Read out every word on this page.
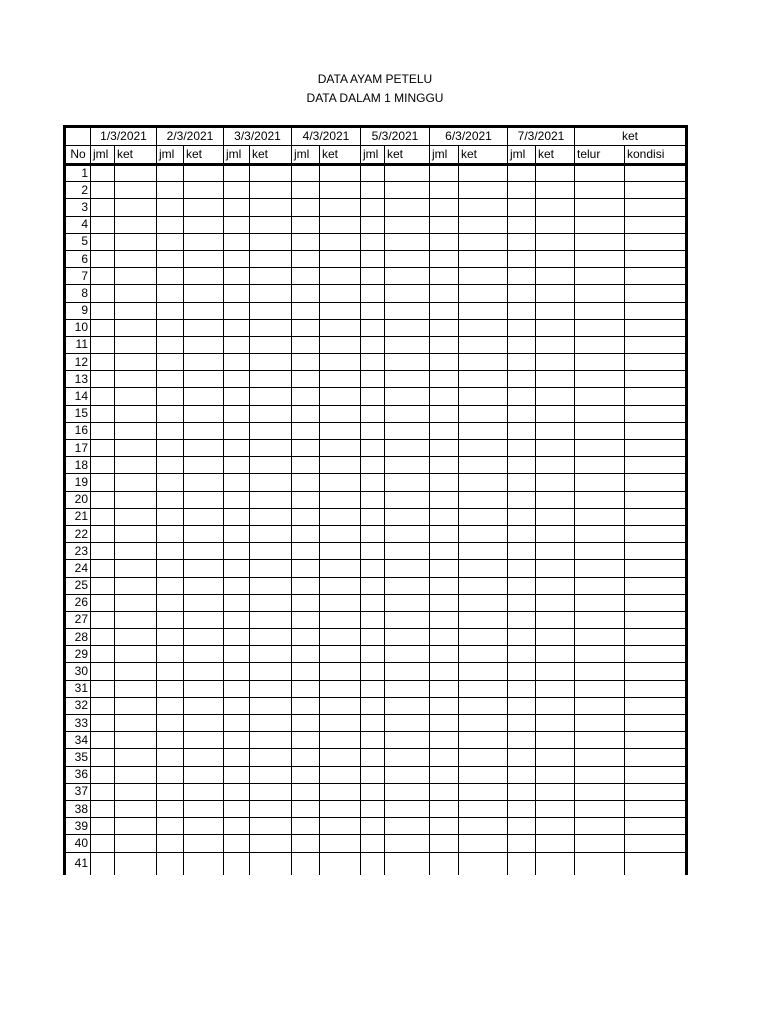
DATA AYAM PETELU
DATA DALAM 1 MINGGU
	1/3/2021		2/3/2021		3/3/2021		4/3/2021		5/3/2021		6/3/2021		7/3/2021		ket	
No	jml	ket	jml	ket	jml	ket	jml	ket	jml	ket	jml	ket	jml	ket	telur	kondisi
1																
2																
3																
4																
5																
6																
7																
8																
9																
10																
11																
12																
13																
14																
15																
16																
17																
18																
19																
20																
21																
22																
23																
24																
25																
26																
27																
28																
29																
30																
31																
32																
33																
34																
35																
36																
37																
38																
39																
40																
41																
